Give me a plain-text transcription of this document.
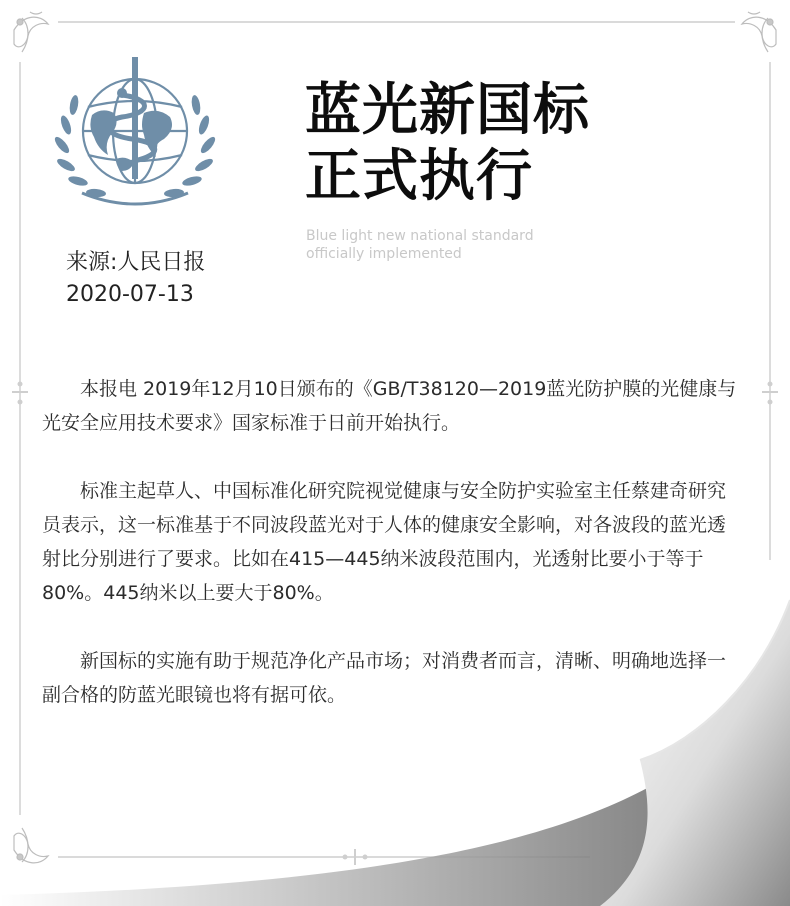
来源:人民日报
2020-07-13
蓝光新国标
正式执行
Blue light new national standard
officially implemented

本报电 2019年12月10日颁布的《GB/T38120—2019蓝光防护膜的光健康与光安全应用技术要求》国家标准于日前开始执行。

标准主起草人、中国标准化研究院视觉健康与安全防护实验室主任蔡建奇研究员表示，这一标准基于不同波段蓝光对于人体的健康安全影响，对各波段的蓝光透射比分别进行了要求。比如在415—445纳米波段范围内，光透射比要小于等于80%。445纳米以上要大于80%。

新国标的实施有助于规范净化产品市场；对消费者而言，清晰、明确地选择一副合格的防蓝光眼镜也将有据可依。
